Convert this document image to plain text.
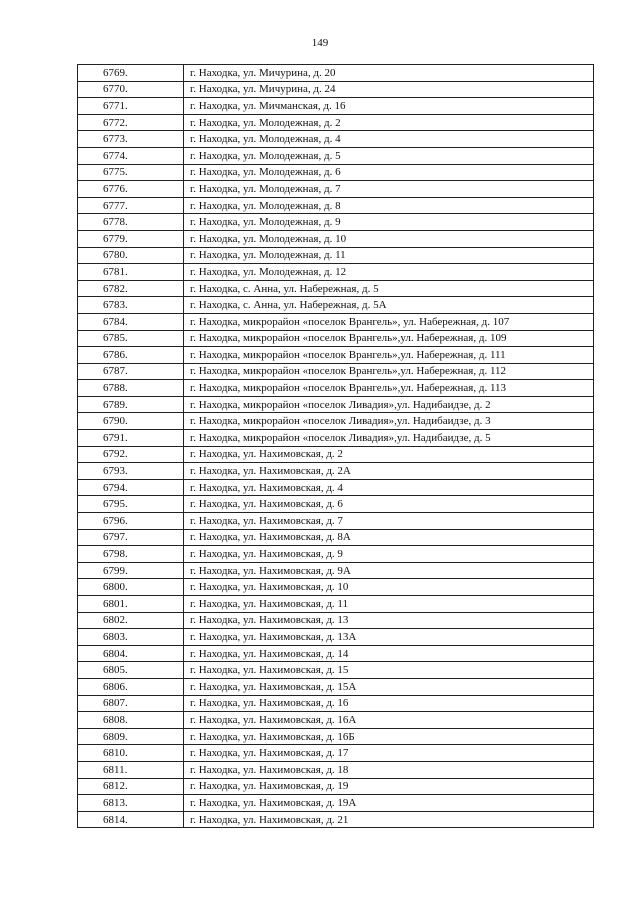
149
6769.	г. Находка, ул. Мичурина, д. 20
6770.	г. Находка, ул. Мичурина, д. 24
6771.	г. Находка, ул. Мичманская, д. 16
6772.	г. Находка, ул. Молодежная, д. 2
6773.	г. Находка, ул. Молодежная, д. 4
6774.	г. Находка, ул. Молодежная, д. 5
6775.	г. Находка, ул. Молодежная, д. 6
6776.	г. Находка, ул. Молодежная, д. 7
6777.	г. Находка, ул. Молодежная, д. 8
6778.	г. Находка, ул. Молодежная, д. 9
6779.	г. Находка, ул. Молодежная, д. 10
6780.	г. Находка, ул. Молодежная, д. 11
6781.	г. Находка, ул. Молодежная, д. 12
6782.	г. Находка, с. Анна, ул. Набережная, д. 5
6783.	г. Находка, с. Анна, ул. Набережная, д. 5А
6784.	г. Находка, микрорайон «поселок Врангель», ул. Набережная, д. 107
6785.	г. Находка, микрорайон «поселок Врангель»,ул. Набережная, д. 109
6786.	г. Находка, микрорайон «поселок Врангель»,ул. Набережная, д. 111
6787.	г. Находка, микрорайон «поселок Врангель»,ул. Набережная, д. 112
6788.	г. Находка, микрорайон «поселок Врангель»,ул. Набережная, д. 113
6789.	г. Находка, микрорайон «поселок Ливадия»,ул. Надибаидзе, д. 2
6790.	г. Находка, микрорайон «поселок Ливадия»,ул. Надибаидзе, д. 3
6791.	г. Находка, микрорайон «поселок Ливадия»,ул. Надибаидзе, д. 5
6792.	г. Находка, ул. Нахимовская, д. 2
6793.	г. Находка, ул. Нахимовская, д. 2А
6794.	г. Находка, ул. Нахимовская, д. 4
6795.	г. Находка, ул. Нахимовская, д. 6
6796.	г. Находка, ул. Нахимовская, д. 7
6797.	г. Находка, ул. Нахимовская, д. 8А
6798.	г. Находка, ул. Нахимовская, д. 9
6799.	г. Находка, ул. Нахимовская, д. 9А
6800.	г. Находка, ул. Нахимовская, д. 10
6801.	г. Находка, ул. Нахимовская, д. 11
6802.	г. Находка, ул. Нахимовская, д. 13
6803.	г. Находка, ул. Нахимовская, д. 13А
6804.	г. Находка, ул. Нахимовская, д. 14
6805.	г. Находка, ул. Нахимовская, д. 15
6806.	г. Находка, ул. Нахимовская, д. 15А
6807.	г. Находка, ул. Нахимовская, д. 16
6808.	г. Находка, ул. Нахимовская, д. 16А
6809.	г. Находка, ул. Нахимовская, д. 16Б
6810.	г. Находка, ул. Нахимовская, д. 17
6811.	г. Находка, ул. Нахимовская, д. 18
6812.	г. Находка, ул. Нахимовская, д. 19
6813.	г. Находка, ул. Нахимовская, д. 19А
6814.	г. Находка, ул. Нахимовская, д. 21
